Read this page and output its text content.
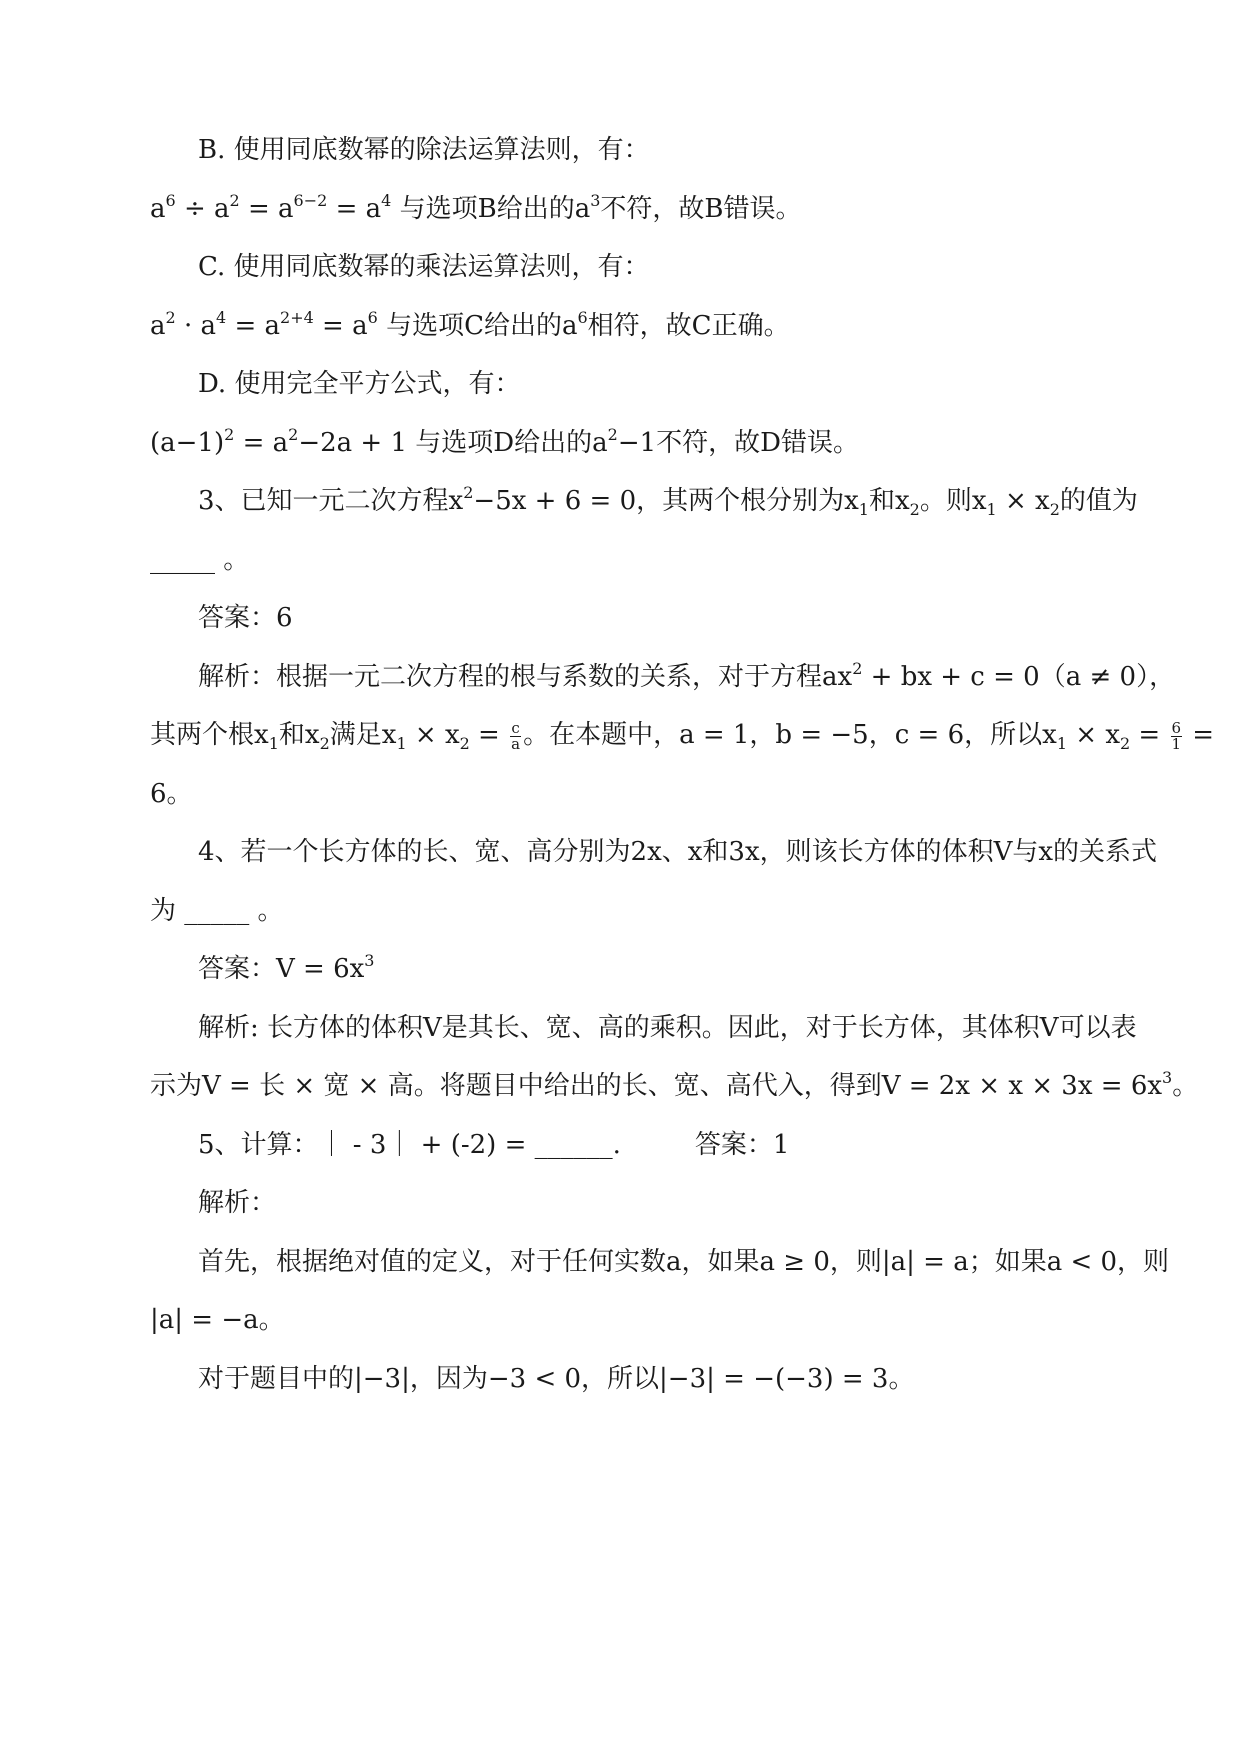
B. 使用同底数幂的除法运算法则，有：
$a^6 \div a^2 = a^{6-2} = a^4$ 与选项B给出的$a^3$不符，故B错误。
C. 使用同底数幂的乘法运算法则，有：
$a^2 \cdot a^4 = a^{2+4} = a^6$ 与选项C给出的$a^6$相符，故C正确。
D. 使用完全平方公式，有：
$(a-1)^2 = a^2-2a + 1$ 与选项D给出的$a^2-1$不符，故D错误。
3、已知一元二次方程$x^2-5x + 6 = 0$，其两个根分别为$x_1$和$x_2$。则$x_1 \times x_2$的值为
_____ 。
答案：6
解析：根据一元二次方程的根与系数的关系，对于方程$ax^2$ + bx + c = 0（a ≠ 0），
其两个根$x_1$和$x_2$满足$x_1 \times x_2 = \frac{c}{a}$ 。在本题中，a = 1，b = −5，c = 6，所以$x_1 \times x_2 = \frac{6}{1}$ =
6。
4、若一个长方体的长、宽、高分别为2x、x和3x，则该长方体的体积V与x的关系式
为 _____ 。
答案：$V = 6x^3$
解析: 长方体的体积V是其长、宽、高的乘积。因此，对于长方体，其体积V可以表
示为V = 长 × 宽 × 高。将题目中给出的长、宽、高代入，得到$V = 2x \times x \times 3x = 6x^3$。
5、计算：｜ - 3｜ + (-2) = ______.	答案：1
解析：
首先，根据绝对值的定义，对于任何实数a，如果a ≥ 0，则|a| = a；如果a < 0，则
|a| = −a。
对于题目中的|−3|，因为−3 < 0，所以|−3| = −(−3) = 3。
